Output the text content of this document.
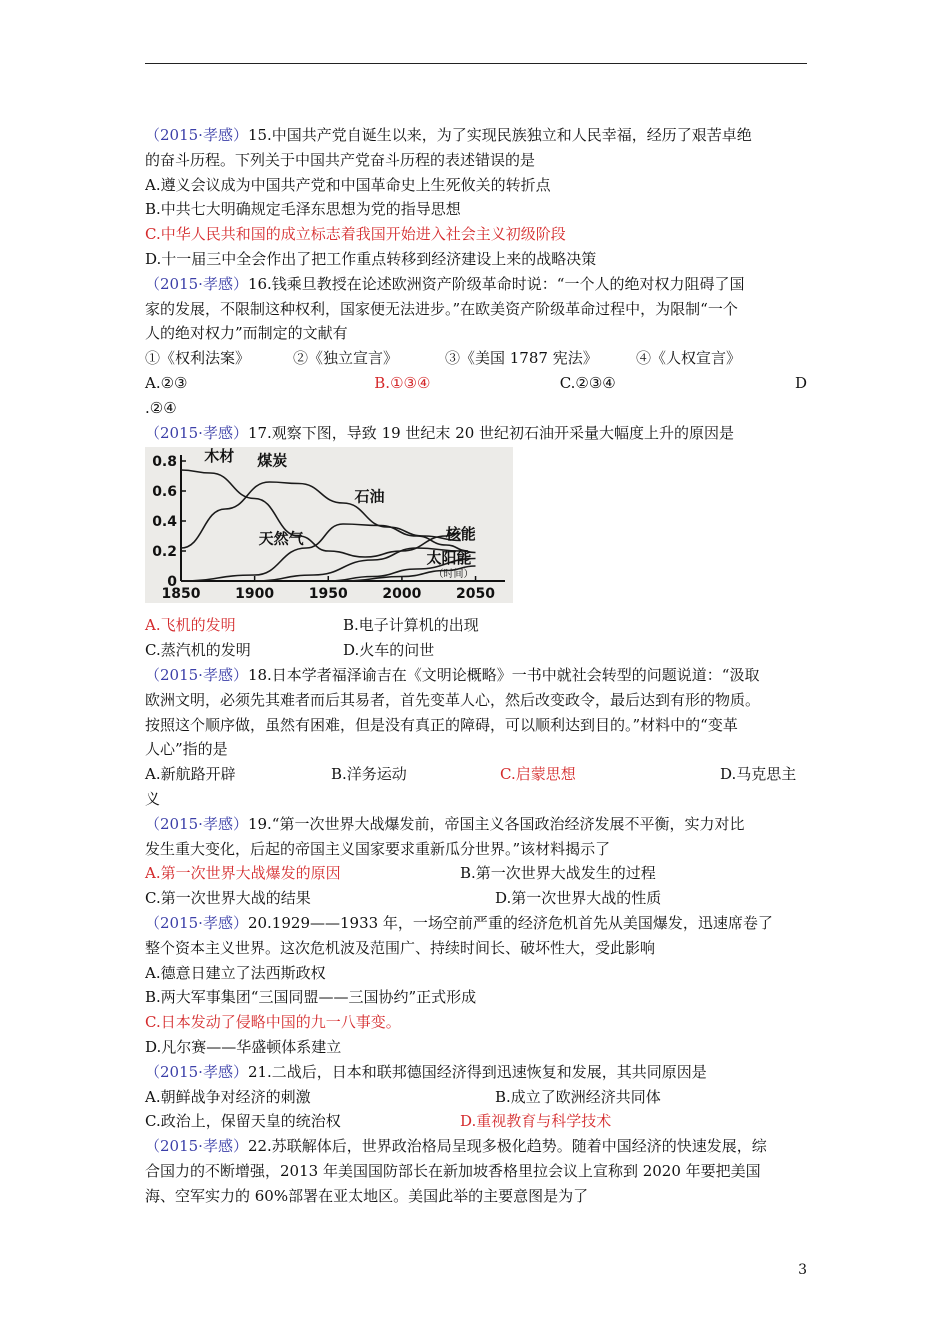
（2015·孝感）15.中国共产党自诞生以来，为了实现民族独立和人民幸福，经历了艰苦卓绝
的奋斗历程。下列关于中国共产党奋斗历程的表述错误的是
A.遵义会议成为中国共产党和中国革命史上生死攸关的转折点
B.中共七大明确规定毛泽东思想为党的指导思想
C.中华人民共和国的成立标志着我国开始进入社会主义初级阶段
D.十一届三中全会作出了把工作重点转移到经济建设上来的战略决策
（2015·孝感）16.钱乘旦教授在论述欧洲资产阶级革命时说：“一个人的绝对权力阻碍了国
家的发展，不限制这种权利，国家便无法进步。”在欧美资产阶级革命过程中，为限制“一个
人的绝对权力”而制定的文献有
①《权利法案》	②《独立宣言》	③《美国 1787 宪法》	④《人权宣言》
A.②③	B.①③④	C.②③④	D
.②④
（2015·孝感）17.观察下图，导致 19 世纪末 20 世纪初石油开采量大幅度上升的原因是
0
0.2
0.4
0.6
0.8
1850 1900 1950 2000 2050
（时间）
木材 煤炭
石油
天然气	核能
太阳能
A.飞机的发明	B.电子计算机的出现
C.蒸汽机的发明	D.火车的问世
（2015·孝感）18.日本学者福泽谕吉在《文明论概略》一书中就社会转型的问题说道：“汲取
欧洲文明，必须先其难者而后其易者，首先变革人心，然后改变政令，最后达到有形的物质。
按照这个顺序做，虽然有困难，但是没有真正的障碍，可以顺利达到目的。”材料中的“变革
人心”指的是
A.新航路开辟	B.洋务运动	C.启蒙思想	D.马克思主
义
（2015·孝感）19.“第一次世界大战爆发前，帝国主义各国政治经济发展不平衡，实力对比
发生重大变化，后起的帝国主义国家要求重新瓜分世界。”该材料揭示了
A.第一次世界大战爆发的原因	B.第一次世界大战发生的过程
C.第一次世界大战的结果	D.第一次世界大战的性质
（2015·孝感）20.1929——1933 年，一场空前严重的经济危机首先从美国爆发，迅速席卷了
整个资本主义世界。这次危机波及范围广、持续时间长、破坏性大，受此影响
A.德意日建立了法西斯政权
B.两大军事集团“三国同盟——三国协约”正式形成
C.日本发动了侵略中国的九一八事变。
D.凡尔赛——华盛顿体系建立
（2015·孝感）21.二战后，日本和联邦德国经济得到迅速恢复和发展，其共同原因是
A.朝鲜战争对经济的刺激	B.成立了欧洲经济共同体
C.政治上，保留天皇的统治权	D.重视教育与科学技术
（2015·孝感）22.苏联解体后，世界政治格局呈现多极化趋势。随着中国经济的快速发展，综
合国力的不断增强，2013 年美国国防部长在新加坡香格里拉会议上宣称到 2020 年要把美国
海、空军实力的 60%部署在亚太地区。美国此举的主要意图是为了
3
